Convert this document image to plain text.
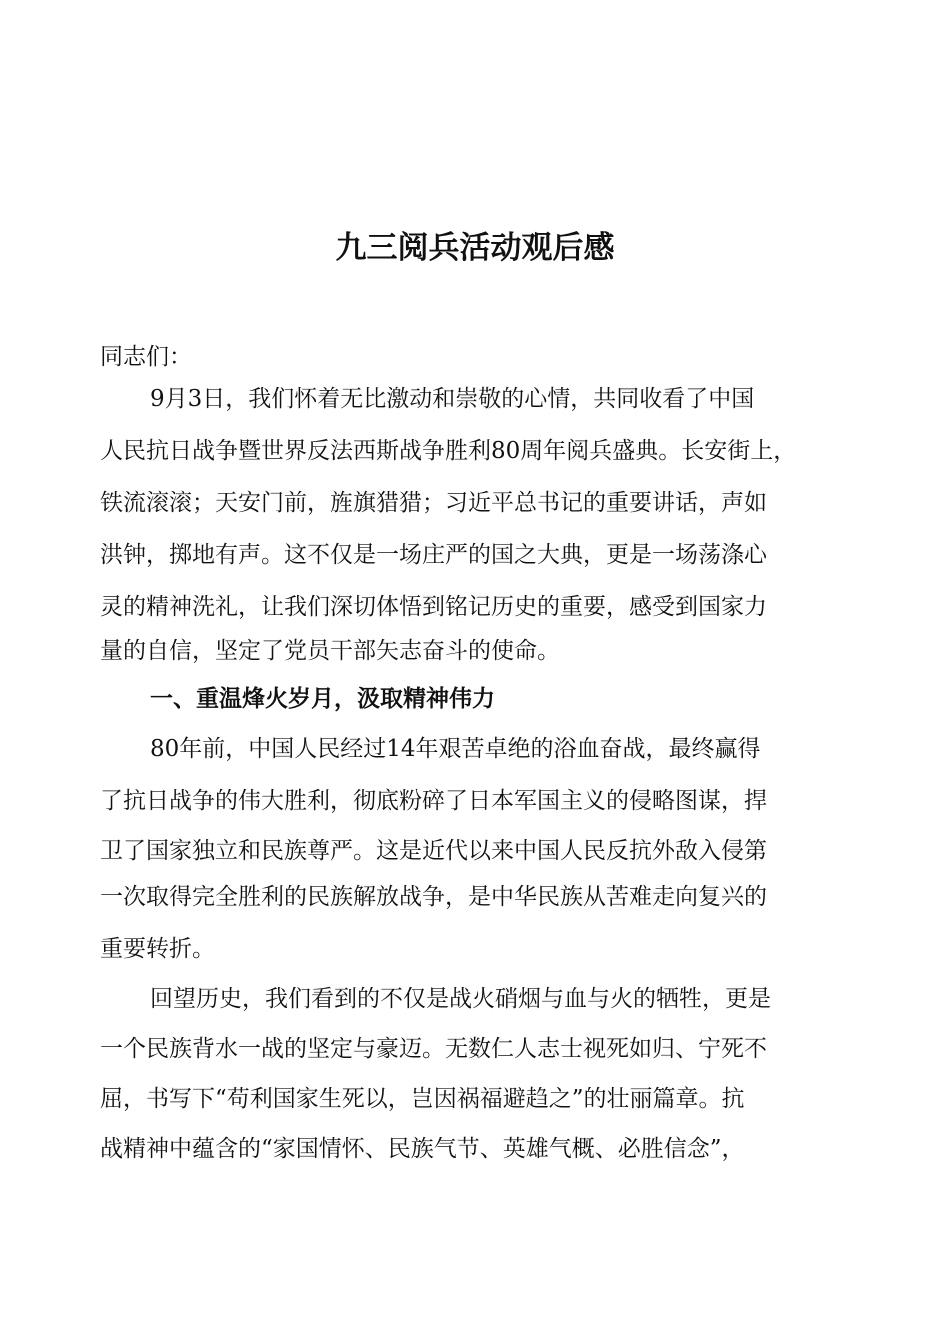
九三阅兵活动观后感

同志们：

9月3日，我们怀着无比激动和崇敬的心情，共同收看了中国

人民抗日战争暨世界反法西斯战争胜利80周年阅兵盛典。长安街上，

铁流滚滚；天安门前，旌旗猎猎；习近平总书记的重要讲话，声如

洪钟，掷地有声。这不仅是一场庄严的国之大典，更是一场荡涤心

灵的精神洗礼，让我们深切体悟到铭记历史的重要，感受到国家力

量的自信，坚定了党员干部矢志奋斗的使命。

一、重温烽火岁月，汲取精神伟力

80年前，中国人民经过14年艰苦卓绝的浴血奋战，最终赢得

了抗日战争的伟大胜利，彻底粉碎了日本军国主义的侵略图谋，捍

卫了国家独立和民族尊严。这是近代以来中国人民反抗外敌入侵第

一次取得完全胜利的民族解放战争，是中华民族从苦难走向复兴的

重要转折。

回望历史，我们看到的不仅是战火硝烟与血与火的牺牲，更是

一个民族背水一战的坚定与豪迈。无数仁人志士视死如归、宁死不

屈，书写下“苟利国家生死以，岂因祸福避趋之”的壮丽篇章。抗

战精神中蕴含的“家国情怀、民族气节、英雄气概、必胜信念”，
